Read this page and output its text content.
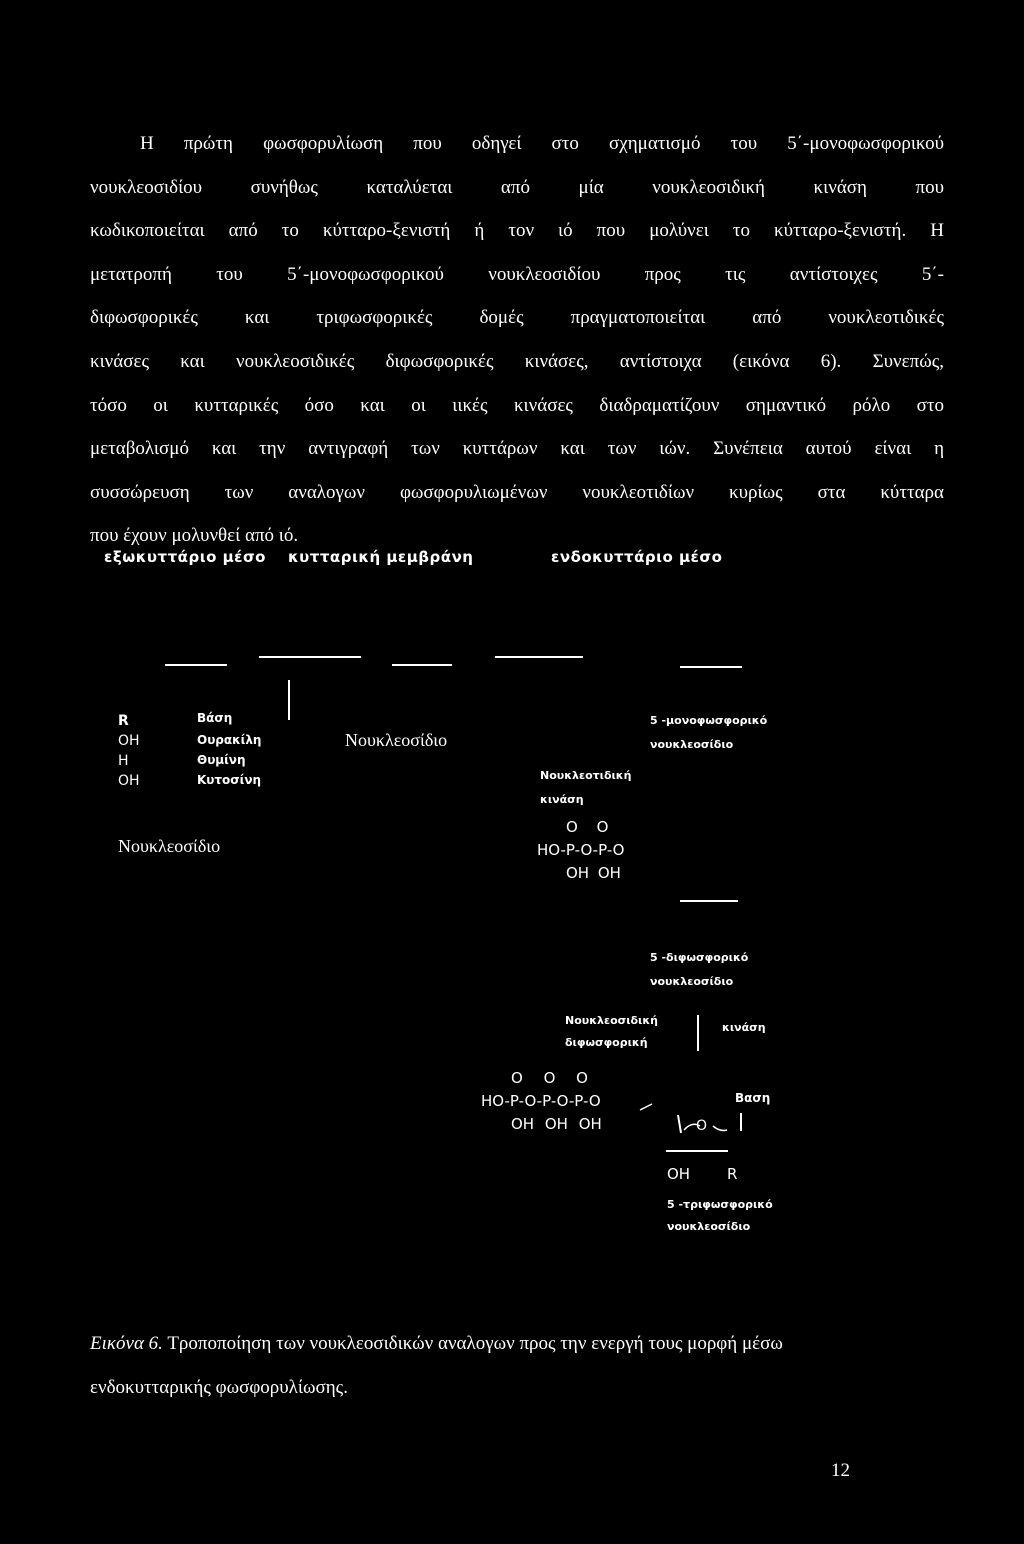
Η πρώτη φωσφορυλίωση που οδηγεί στο σχηματισμό του 5΄-μονοφωσφορικού
νουκλεοσιδίου συνήθως καταλύεται από μία νουκλεοσιδική κινάση που
κωδικοποιείται από το κύτταρο-ξενιστή ή τον ιό που μολύνει το κύτταρο-ξενιστή. Η
μετατροπή του 5΄-μονοφωσφορικού νουκλεοσιδίου προς τις αντίστοιχες 5΄-
διφωσφορικές και τριφωσφορικές δομές πραγματοποιείται από νουκλεοτιδικές
κινάσες και νουκλεοσιδικές διφωσφορικές κινάσες, αντίστοιχα (εικόνα 6). Συνεπώς,
τόσο οι κυτταρικές όσο και οι ιικές κινάσες διαδραματίζουν σημαντικό ρόλο στο
μεταβολισμό και την αντιγραφή των κυττάρων και των ιών. Συνέπεια αυτού είναι η
συσσώρευση των αναλογων φωσφορυλιωμένων νουκλεοτιδίων κυρίως στα κύτταρα
που έχουν μολυνθεί από ιό.
εξωκυττάριο μέσο κυτταρική μεμβράνη	ενδοκυττάριο μέσο
R
OH
H
OH
Βάση
Ουρακίλη
Θυμίνη
Κυτοσίνη
Νουκλεοσίδιο
Νουκλεοσίδιο
5 -μονοφωσφορικό
νουκλεοσίδιο
Νουκλεοτιδική
κινάση
O O
HO-P-O-P-O
OH OH
5 -διφωσφορικό
νουκλεοσίδιο
Νουκλεοσιδική
διφωσφορική
κινάση
O O O
HO-P-O-P-O-P-O
OH OH OH	O
Βαση
OH R
5 -τριφωσφορικό
νουκλεοσίδιο
Εικόνα 6. Τροποποίηση των νουκλεοσιδικών αναλογων προς την ενεργή τους μορφή μέσω
ενδοκυτταρικής φωσφορυλίωσης.
12
